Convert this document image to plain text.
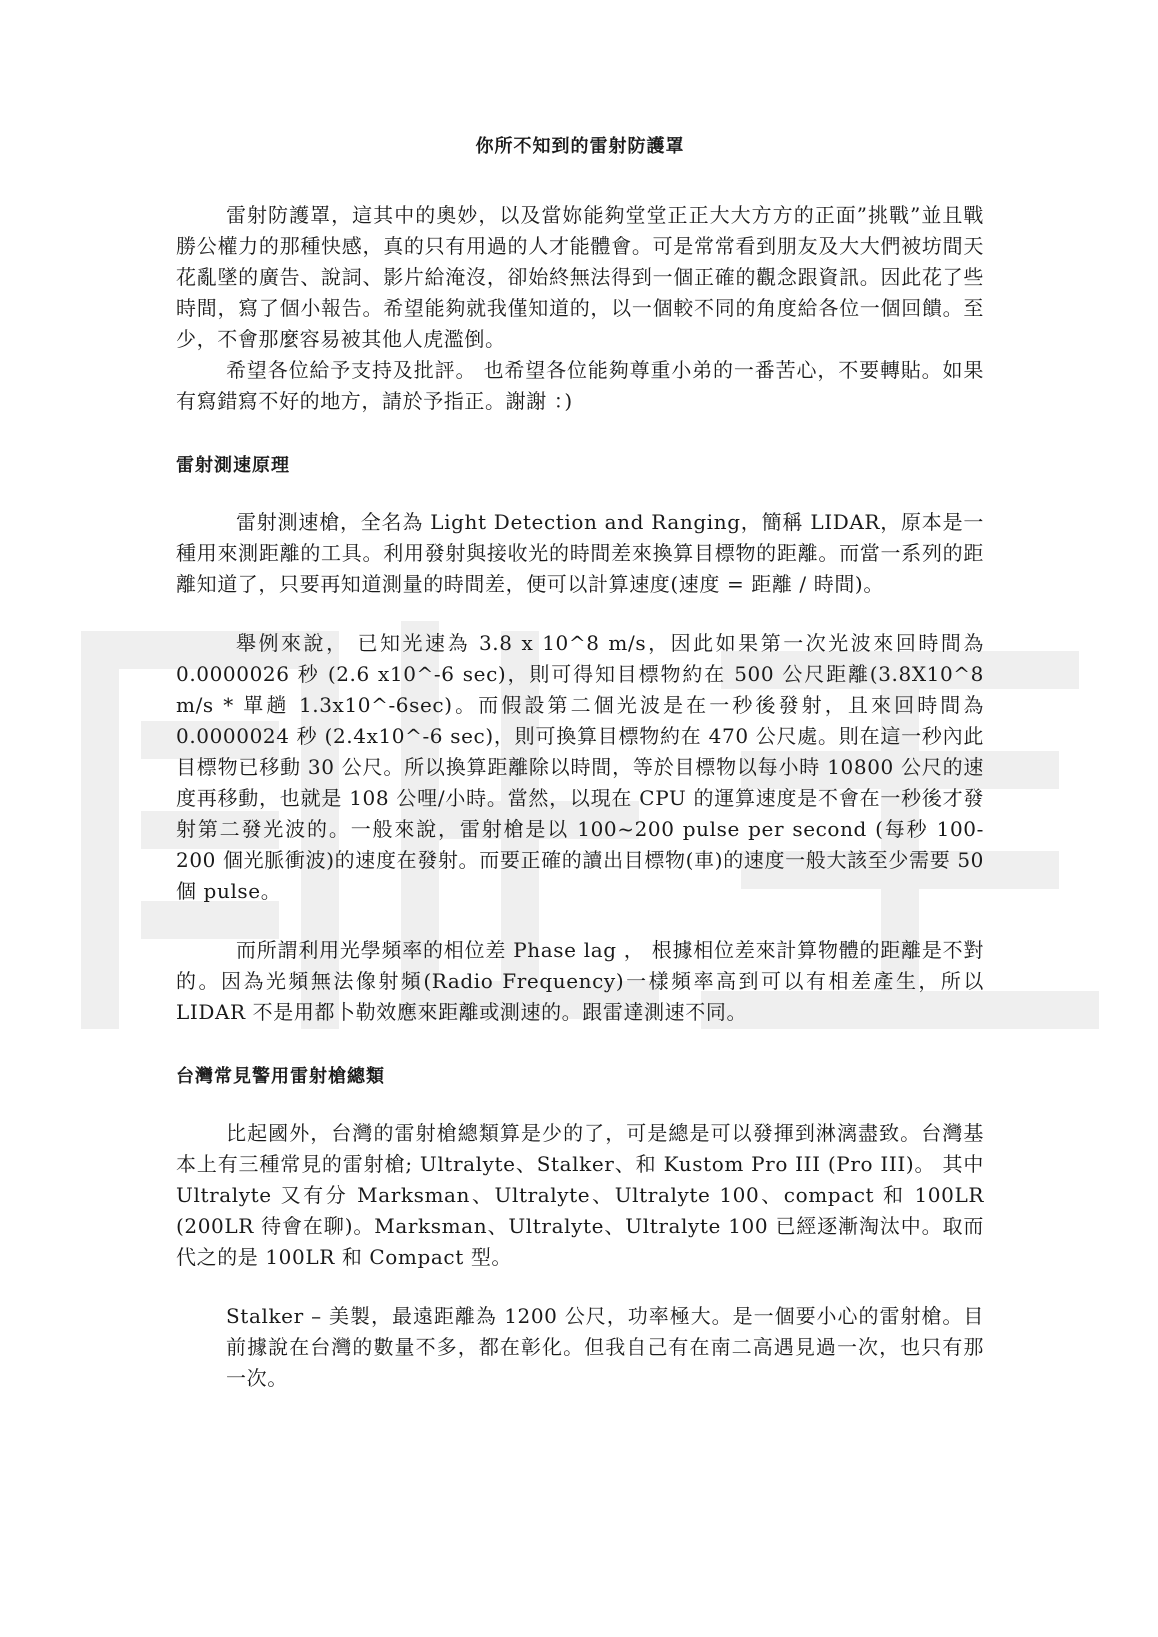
你所不知到的雷射防護罩

雷射防護罩，這其中的奧妙，以及當妳能夠堂堂正正大大方方的正面”挑戰”並且戰勝公權力的那種快感，真的只有用過的人才能體會。可是常常看到朋友及大大們被坊間天花亂墜的廣告、說詞、影片給淹沒，卻始終無法得到一個正確的觀念跟資訊。因此花了些時間，寫了個小報告。希望能夠就我僅知道的，以一個較不同的角度給各位一個回饋。至少，不會那麼容易被其他人虎濫倒。

希望各位給予支持及批評。 也希望各位能夠尊重小弟的一番苦心，不要轉貼。如果有寫錯寫不好的地方，請於予指正。謝謝 ：)

雷射測速原理

雷射測速槍，全名為 Light Detection and Ranging，簡稱 LIDAR，原本是一種用來測距離的工具。利用發射與接收光的時間差來換算目標物的距離。而當一系列的距離知道了，只要再知道測量的時間差，便可以計算速度(速度 = 距離 / 時間)。

舉例來說， 已知光速為 3.8 x 10^8 m/s，因此如果第一次光波來回時間為 0.0000026 秒 (2.6 x10^-6 sec)，則可得知目標物約在 500 公尺距離(3.8X10^8 m/s * 單趟 1.3x10^-6sec)。而假設第二個光波是在一秒後發射，且來回時間為 0.0000024 秒 (2.4x10^-6 sec)，則可換算目標物約在 470 公尺處。則在這一秒內此目標物已移動 30 公尺。所以換算距離除以時間，等於目標物以每小時 10800 公尺的速度再移動，也就是 108 公哩/小時。當然，以現在 CPU 的運算速度是不會在一秒後才發射第二發光波的。一般來說，雷射槍是以 100~200 pulse per second (每秒 100-200 個光脈衝波)的速度在發射。而要正確的讀出目標物(車)的速度一般大該至少需要 50 個 pulse。

而所謂利用光學頻率的相位差 Phase lag ， 根據相位差來計算物體的距離是不對的。因為光頻無法像射頻(Radio Frequency)一樣頻率高到可以有相差產生，所以 LIDAR 不是用都卜勒效應來距離或測速的。跟雷達測速不同。

台灣常見警用雷射槍總類

比起國外，台灣的雷射槍總類算是少的了，可是總是可以發揮到淋漓盡致。台灣基本上有三種常見的雷射槍; Ultralyte、Stalker、和 Kustom Pro III (Pro III)。 其中 Ultralyte 又有分 Marksman、Ultralyte、Ultralyte 100、compact 和 100LR (200LR 待會在聊)。Marksman、Ultralyte、Ultralyte 100 已經逐漸淘汰中。取而代之的是 100LR 和 Compact 型。

Stalker – 美製，最遠距離為 1200 公尺，功率極大。是一個要小心的雷射槍。目前據說在台灣的數量不多，都在彰化。但我自己有在南二高遇見過一次，也只有那一次。
